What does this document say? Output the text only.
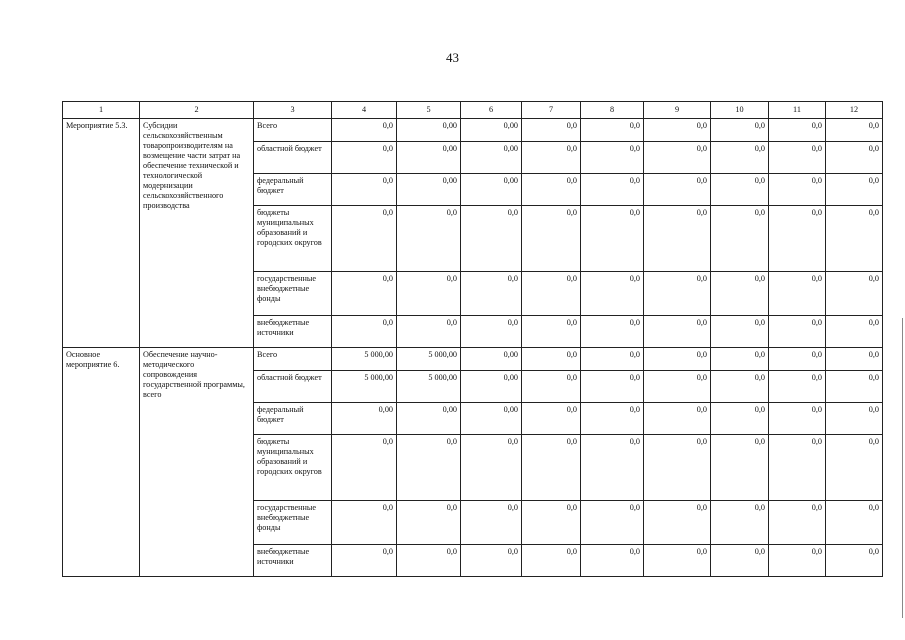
43
1	2	3	4	5	6	7	8	9	10	11	12
Мероприятие 5.3.	Субсидии сельскохозяйственным товаропроизводителям на возмещение части затрат на обеспечение технической и технологической модернизации сельскохозяйственного производства	Всего	0,0	0,00	0,00	0,0	0,0	0,0	0,0	0,0	0,0
		областной бюджет	0,0	0,00	0,00	0,0	0,0	0,0	0,0	0,0	0,0
		федеральный бюджет	0,0	0,00	0,00	0,0	0,0	0,0	0,0	0,0	0,0
		бюджеты муниципальных образований и городских округов	0,0	0,0	0,0	0,0	0,0	0,0	0,0	0,0	0,0
		государственные внебюджетные фонды	0,0	0,0	0,0	0,0	0,0	0,0	0,0	0,0	0,0
		внебюджетные источники	0,0	0,0	0,0	0,0	0,0	0,0	0,0	0,0	0,0
Основное мероприятие 6.	Обеспечение научно-методического сопровождения государственной программы, всего	Всего	5 000,00	5 000,00	0,00	0,0	0,0	0,0	0,0	0,0	0,0
		областной бюджет	5 000,00	5 000,00	0,00	0,0	0,0	0,0	0,0	0,0	0,0
		федеральный бюджет	0,00	0,00	0,00	0,0	0,0	0,0	0,0	0,0	0,0
		бюджеты муниципальных образований и городских округов	0,0	0,0	0,0	0,0	0,0	0,0	0,0	0,0	0,0
		государственные внебюджетные фонды	0,0	0,0	0,0	0,0	0,0	0,0	0,0	0,0	0,0
		внебюджетные источники	0,0	0,0	0,0	0,0	0,0	0,0	0,0	0,0	0,0
